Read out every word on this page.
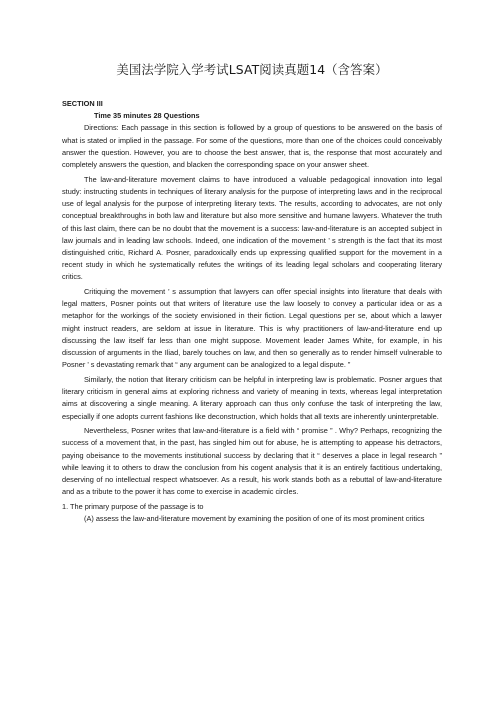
美国法学院入学考试LSAT阅读真题14（含答案）
SECTION III
Time 35 minutes 28 Questions

Directions: Each passage in this section is followed by a group of questions to be answered on the basis of what is stated or implied in the passage. For some of the questions, more than one of the choices could conceivably answer the question. However, you are to choose the best answer, that is, the response that most accurately and completely answers the question, and blacken the corresponding space on your answer sheet.

The law-and-literature movement claims to have introduced a valuable pedagogical innovation into legal study: instructing students in techniques of literary analysis for the purpose of interpreting laws and in the reciprocal use of legal analysis for the purpose of interpreting literary texts. The results, according to advocates, are not only conceptual breakthroughs in both law and literature but also more sensitive and humane lawyers. Whatever the truth of this last claim, there can be no doubt that the movement is a success: law-and-literature is an accepted subject in law journals and in leading law schools. Indeed, one indication of the movement ’ s strength is the fact that its most distinguished critic, Richard A. Posner, paradoxically ends up expressing qualified support for the movement in a recent study in which he systematically refutes the writings of its leading legal scholars and cooperating literary critics.

Critiquing the movement ’ s assumption that lawyers can offer special insights into literature that deals with legal matters, Posner points out that writers of literature use the law loosely to convey a particular idea or as a metaphor for the workings of the society envisioned in their fiction. Legal questions per se, about which a lawyer might instruct readers, are seldom at issue in literature. This is why practitioners of law-and-literature end up discussing the law itself far less than one might suppose. Movement leader James White, for example, in his discussion of arguments in the Iliad, barely touches on law, and then so generally as to render himself vulnerable to Posner ’ s devastating remark that “ any argument can be analogized to a legal dispute. ”

Similarly, the notion that literary criticism can be helpful in interpreting law is problematic. Posner argues that literary criticism in general aims at exploring richness and variety of meaning in texts, whereas legal interpretation aims at discovering a single meaning. A literary approach can thus only confuse the task of interpreting the law, especially if one adopts current fashions like deconstruction, which holds that all texts are inherently uninterpretable.

Nevertheless, Posner writes that law-and-literature is a field with “ promise ” . Why? Perhaps, recognizing the success of a movement that, in the past, has singled him out for abuse, he is attempting to appease his detractors, paying obeisance to the movements institutional success by declaring that it “ deserves a place in legal research ” while leaving it to others to draw the conclusion from his cogent analysis that it is an entirely factitious undertaking, deserving of no intellectual respect whatsoever. As a result, his work stands both as a rebuttal of law-and-literature and as a tribute to the power it has come to exercise in academic circles.

1. The primary purpose of the passage is to

(A) assess the law-and-literature movement by examining the position of one of its most prominent critics
